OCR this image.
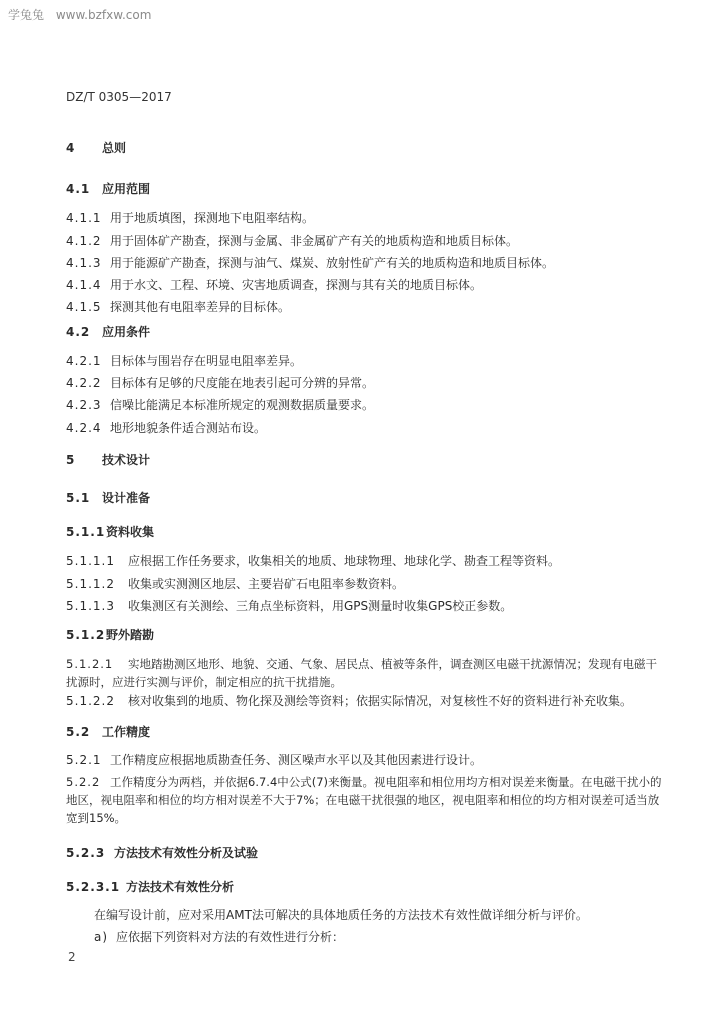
学兔兔 www.bzfxw.com
DZ/T 0305—2017
4 总则
4.1 应用范围
4.1.1 用于地质填图，探测地下电阻率结构。
4.1.2 用于固体矿产勘查，探测与金属、非金属矿产有关的地质构造和地质目标体。
4.1.3 用于能源矿产勘查，探测与油气、煤炭、放射性矿产有关的地质构造和地质目标体。
4.1.4 用于水文、工程、环境、灾害地质调查，探测与其有关的地质目标体。
4.1.5 探测其他有电阻率差异的目标体。
4.2 应用条件
4.2.1 目标体与围岩存在明显电阻率差异。
4.2.2 目标体有足够的尺度能在地表引起可分辨的异常。
4.2.3 信噪比能满足本标准所规定的观测数据质量要求。
4.2.4 地形地貌条件适合测站布设。
5 技术设计
5.1 设计准备
5.1.1资料收集
5.1.1.1 应根据工作任务要求，收集相关的地质、地球物理、地球化学、勘查工程等资料。
5.1.1.2 收集或实测测区地层、主要岩矿石电阻率参数资料。
5.1.1.3 收集测区有关测绘、三角点坐标资料，用GPS测量时收集GPS校正参数。
5.1.2野外踏勘
5.1.2.1 实地踏勘测区地形、地貌、交通、气象、居民点、植被等条件，调查测区电磁干扰源情况；发现有电磁干扰源时，应进行实测与评价，制定相应的抗干扰措施。
5.1.2.2 核对收集到的地质、物化探及测绘等资料；依据实际情况，对复核性不好的资料进行补充收集。
5.2 工作精度
5.2.1 工作精度应根据地质勘查任务、测区噪声水平以及其他因素进行设计。
5.2.2 工作精度分为两档，并依据6.7.4中公式(7)来衡量。视电阻率和相位用均方相对误差来衡量。在电磁干扰小的地区，视电阻率和相位的均方相对误差不大于7%；在电磁干扰很强的地区，视电阻率和相位的均方相对误差可适当放宽到15%。
5.2.3 方法技术有效性分析及试验
5.2.3.1 方法技术有效性分析
在编写设计前，应对采用AMT法可解决的具体地质任务的方法技术有效性做详细分析与评价。
a) 应依据下列资料对方法的有效性进行分析：
2
